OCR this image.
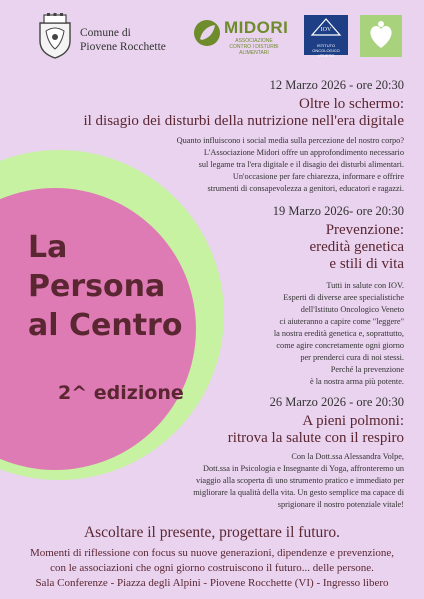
Comune di
Piovene Rocchette
MIDORI
ASSOCIAZIONE
CONTRO I DISTURBI ALIMENTARI
IOV
ISTITUTO
ONCOLOGICO
VENETO
La
Persona
al Centro
2^ edizione
12 Marzo 2026 - ore 20:30
Oltre lo schermo:
il disagio dei disturbi della nutrizione nell'era digitale
Quanto influiscono i social media sulla percezione del nostro corpo?
L'Associazione Midori offre un approfondimento necessario
sul legame tra l'era digitale e il disagio dei disturbi alimentari.
Un'occasione per fare chiarezza, informare e offrire
strumenti di consapevolezza a genitori, educatori e ragazzi.
19 Marzo 2026- ore 20:30
Prevenzione:
eredità genetica
e stili di vita
Tutti in salute con IOV.
Esperti di diverse aree specialistiche
dell'Istituto Oncologico Veneto
ci aiuteranno a capire come "leggere"
la nostra eredità genetica e, soprattutto,
come agire concretamente ogni giorno
per prenderci cura di noi stessi.
Perché la prevenzione
è la nostra arma più potente.
26 Marzo 2026 - ore 20:30
A pieni polmoni:
ritrova la salute con il respiro
Con la Dott.ssa Alessandra Volpe,
Dott.ssa in Psicologia e Insegnante di Yoga, affronteremo un
viaggio alla scoperta di uno strumento pratico e immediato per
migliorare la qualità della vita. Un gesto semplice ma capace di
sprigionare il nostro potenziale vitale!
Ascoltare il presente, progettare il futuro.
Momenti di riflessione con focus su nuove generazioni, dipendenze e prevenzione,
con le associazioni che ogni giorno costruiscono il futuro... delle persone.
Sala Conferenze - Piazza degli Alpini - Piovene Rocchette (VI) - Ingresso libero
